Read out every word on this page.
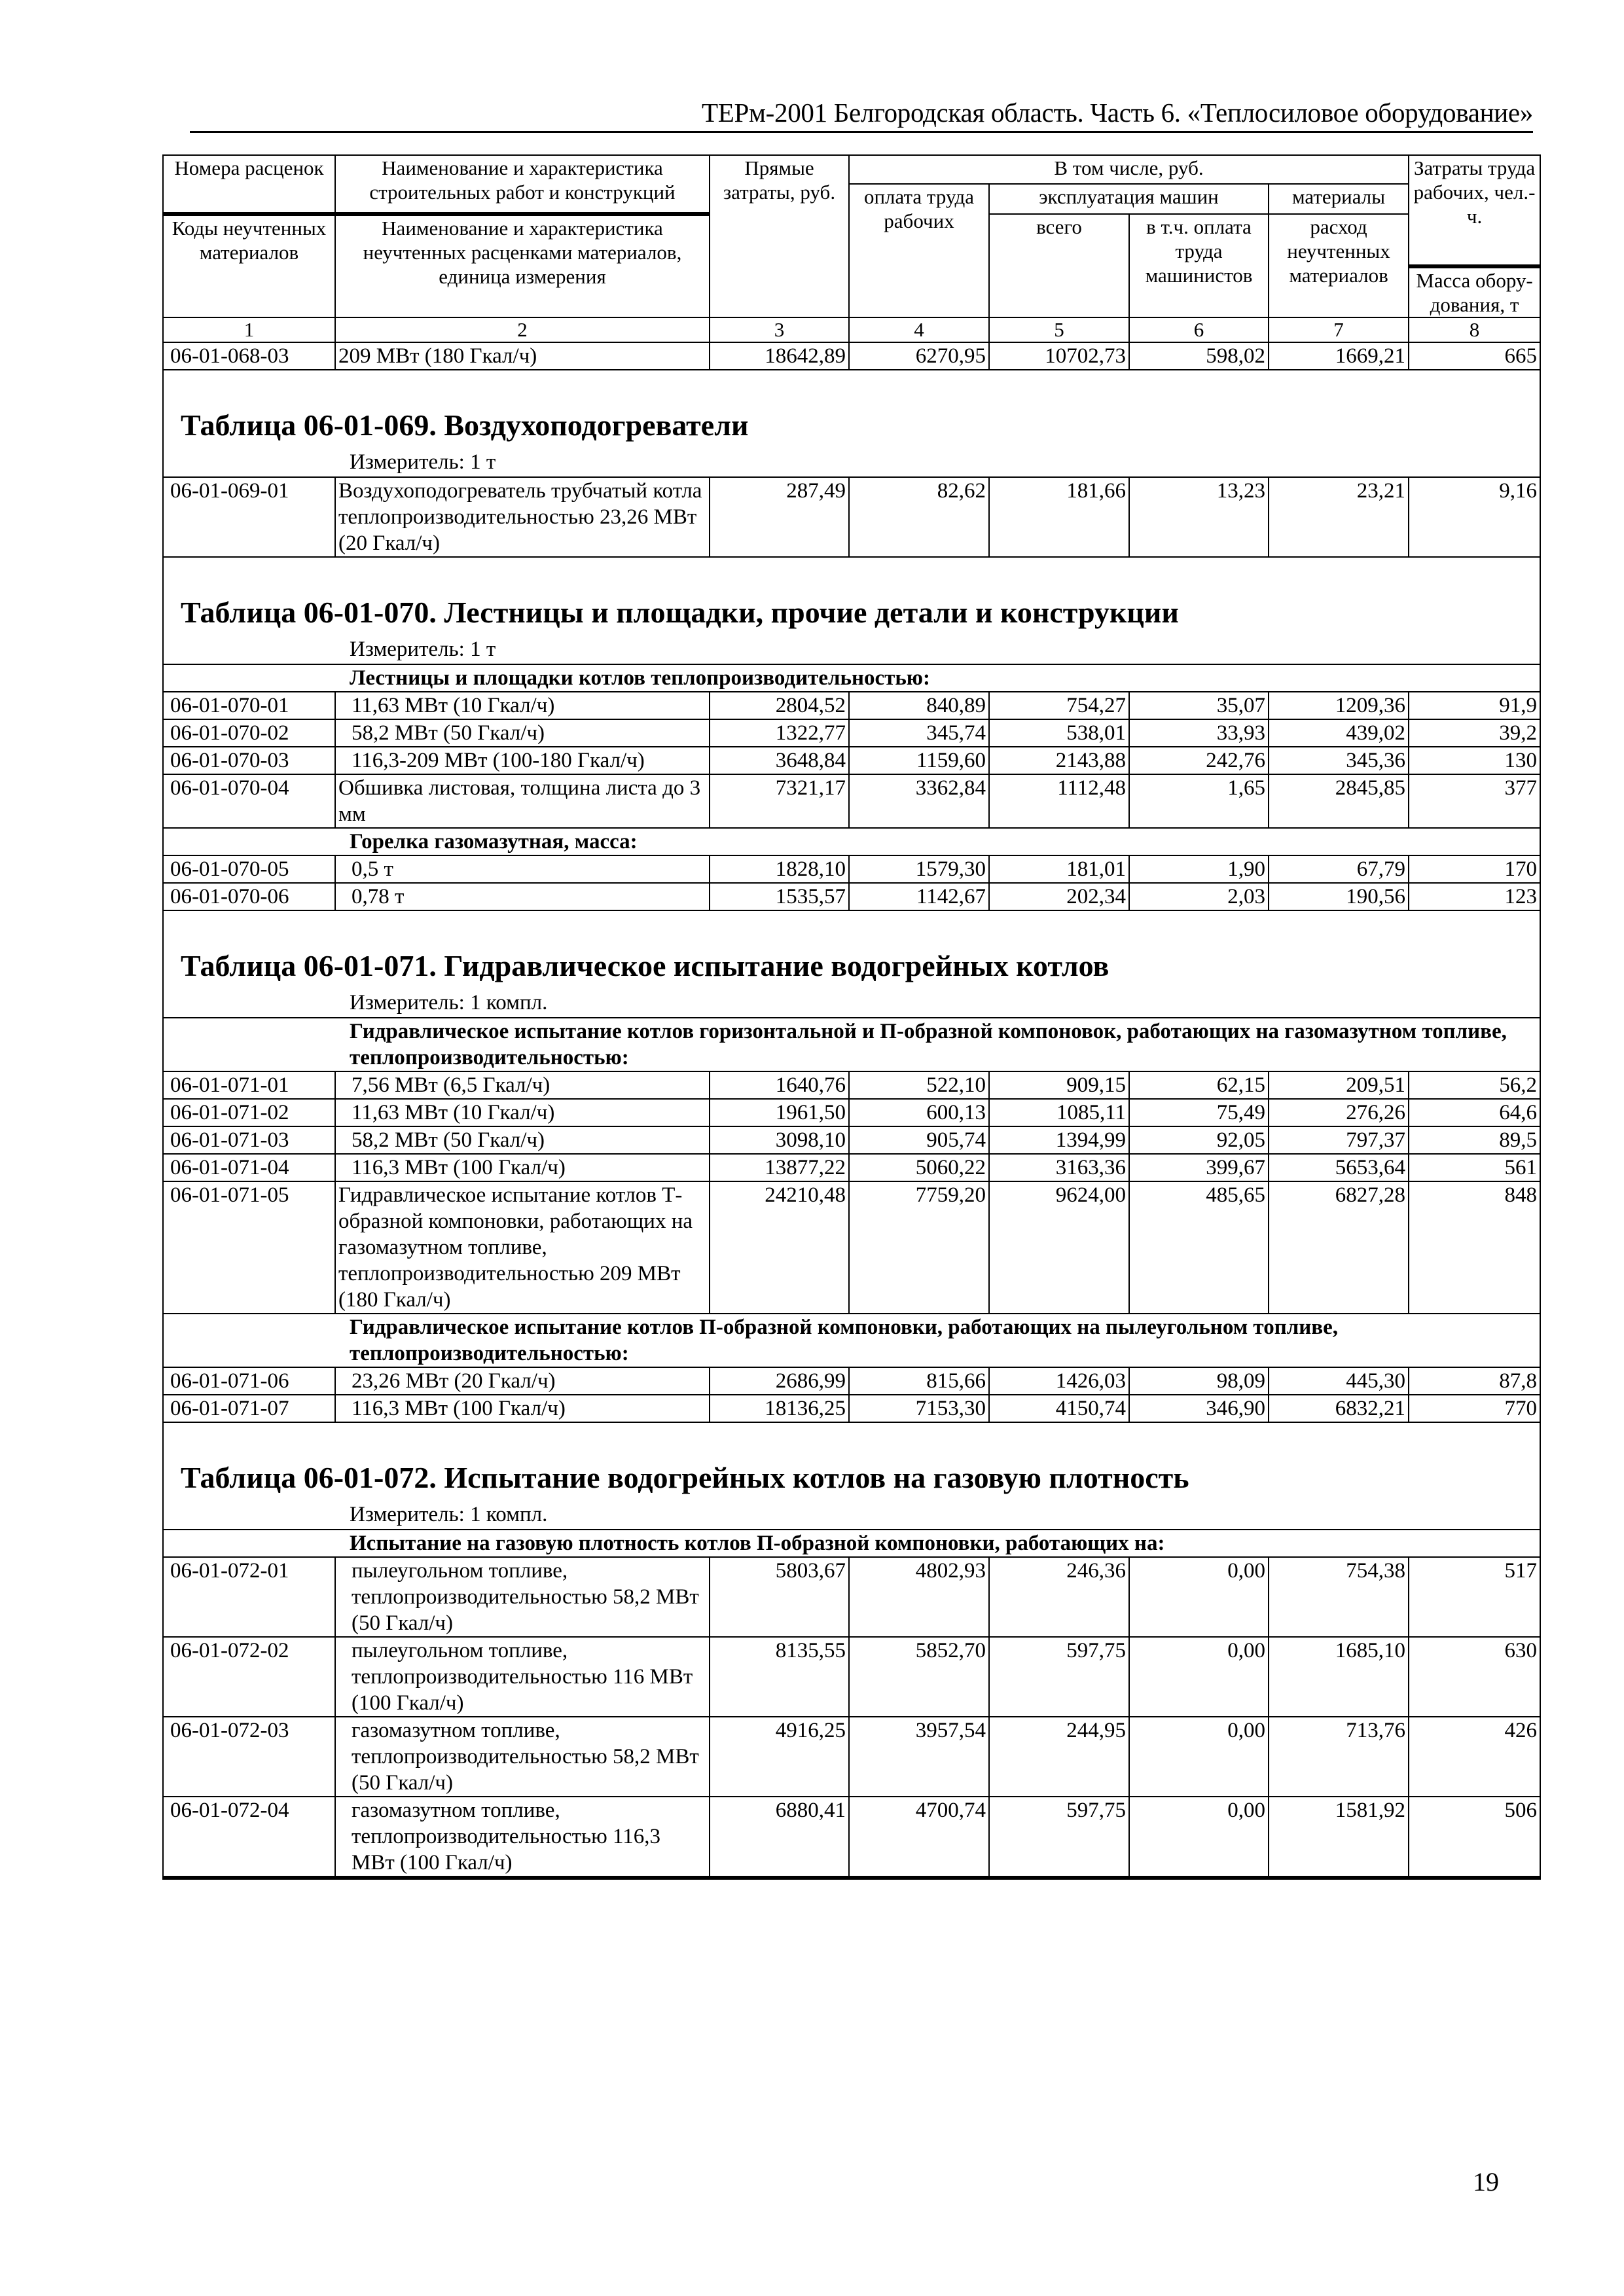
ТЕРм-2001 Белгородская область. Часть 6. «Теплосиловое оборудование»
Номера расценок	Наименование и характеристика строительных работ и конструкций	Прямые затраты, руб.	В том числе, руб.				Затраты труда рабочих, чел.-ч.
			оплата труда рабочих	эксплуатация машин		материалы	
Коды неучтенных материалов	Наименование и характеристика неучтенных расценками материалов, единица измерения			всего	в т.ч. оплата труда машинистов	расход неучтенных материалов	
							Масса обору-дования, т
1	2	3	4	5	6	7	8
06-01-068-03	209 МВт (180 Гкал/ч)	18642,89	6270,95	10702,73	598,02	1669,21	665

Таблица 06-01-069. Воздухоподогреватели
Измеритель: 1 т							

06-01-069-01	Воздухоподогреватель трубчатый котла теплопроизводительностью 23,26 МВт (20 Гкал/ч)	287,49	82,62	181,66	13,23	23,21	9,16

Таблица 06-01-070. Лестницы и площадки, прочие детали и конструкции
Измеритель: 1 т							

Лестницы и площадки котлов теплопроизводительностью:							
06-01-070-01	11,63 МВт (10 Гкал/ч)	2804,52	840,89	754,27	35,07	1209,36	91,9
06-01-070-02	58,2 МВт (50 Гкал/ч)	1322,77	345,74	538,01	33,93	439,02	39,2
06-01-070-03	116,3-209 МВт (100-180 Гкал/ч)	3648,84	1159,60	2143,88	242,76	345,36	130
06-01-070-04	Обшивка листовая, толщина листа до 3 мм	7321,17	3362,84	1112,48	1,65	2845,85	377
Горелка газомазутная, масса:							
06-01-070-05	0,5 т	1828,10	1579,30	181,01	1,90	67,79	170
06-01-070-06	0,78 т	1535,57	1142,67	202,34	2,03	190,56	123

Таблица 06-01-071. Гидравлическое испытание водогрейных котлов
Измеритель: 1 компл.							

Гидравлическое испытание котлов горизонтальной и П-образной компоновок, работающих на газомазутном топливе, теплопроизводительностью:							
06-01-071-01	7,56 МВт (6,5 Гкал/ч)	1640,76	522,10	909,15	62,15	209,51	56,2
06-01-071-02	11,63 МВт (10 Гкал/ч)	1961,50	600,13	1085,11	75,49	276,26	64,6
06-01-071-03	58,2 МВт (50 Гкал/ч)	3098,10	905,74	1394,99	92,05	797,37	89,5
06-01-071-04	116,3 МВт (100 Гкал/ч)	13877,22	5060,22	3163,36	399,67	5653,64	561
06-01-071-05	Гидравлическое испытание котлов Т-образной компоновки, работающих на газомазутном топливе, теплопроизводительностью 209 МВт (180 Гкал/ч)	24210,48	7759,20	9624,00	485,65	6827,28	848
Гидравлическое испытание котлов П-образной компоновки, работающих на пылеугольном топливе, теплопроизводительностью:							
06-01-071-06	23,26 МВт (20 Гкал/ч)	2686,99	815,66	1426,03	98,09	445,30	87,8
06-01-071-07	116,3 МВт (100 Гкал/ч)	18136,25	7153,30	4150,74	346,90	6832,21	770

Таблица 06-01-072. Испытание водогрейных котлов на газовую плотность
Измеритель: 1 компл.							

Испытание на газовую плотность котлов П-образной компоновки, работающих на:							
06-01-072-01	пылеугольном топливе, теплопроизводительностью 58,2 МВт (50 Гкал/ч)	5803,67	4802,93	246,36	0,00	754,38	517
06-01-072-02	пылеугольном топливе, теплопроизводительностью 116 МВт (100 Гкал/ч)	8135,55	5852,70	597,75	0,00	1685,10	630
06-01-072-03	газомазутном топливе, теплопроизводительностью 58,2 МВт (50 Гкал/ч)	4916,25	3957,54	244,95	0,00	713,76	426
06-01-072-04	газомазутном топливе, теплопроизводительностью 116,3 МВт (100 Гкал/ч)	6880,41	4700,74	597,75	0,00	1581,92	506
19
